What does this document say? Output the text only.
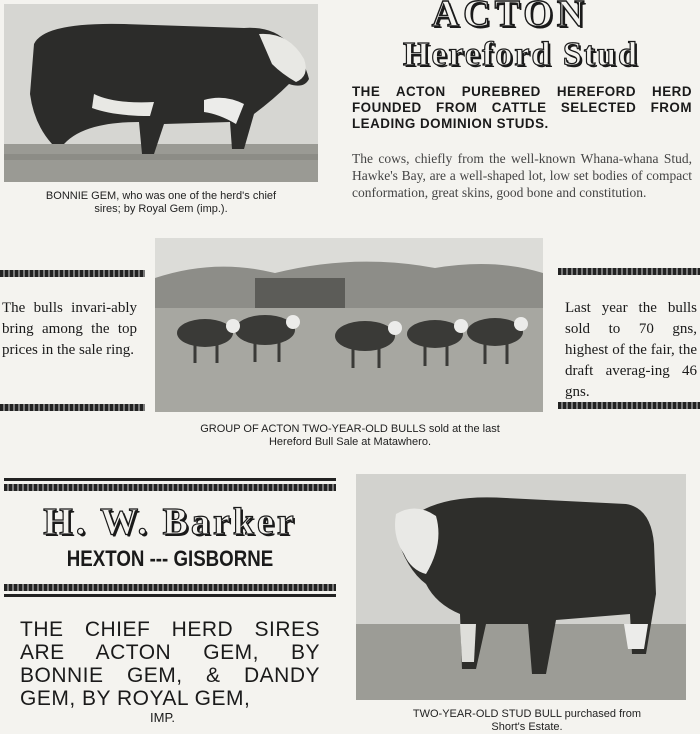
BONNIE GEM, who was one of the herd's chief
sires; by Royal Gem (imp.).
ACTON
Hereford Stud
THE ACTON PUREBRED HEREFORD HERD FOUNDED FROM CATTLE SELECTED FROM LEADING DOMINION STUDS.
The cows, chiefly from the well-known Whana-whana Stud, Hawke's Bay, are a well-shaped lot, low set bodies of compact conformation, great skins, good bone and constitution.
The bulls invari-ably bring among the top prices in the sale ring.
GROUP OF ACTON TWO-YEAR-OLD BULLS sold at the last
Hereford Bull Sale at Matawhero.
Last year the bulls sold to 70 gns, highest of the fair, the draft averag-ing 46 gns.
H. W. Barker
HEXTON --- GISBORNE
THE CHIEF HERD SIRES ARE ACTON GEM, BY BONNIE GEM, & DANDY GEM, BY ROYAL GEM,
IMP.	TWO-YEAR-OLD STUD BULL purchased from
Short's Estate.
